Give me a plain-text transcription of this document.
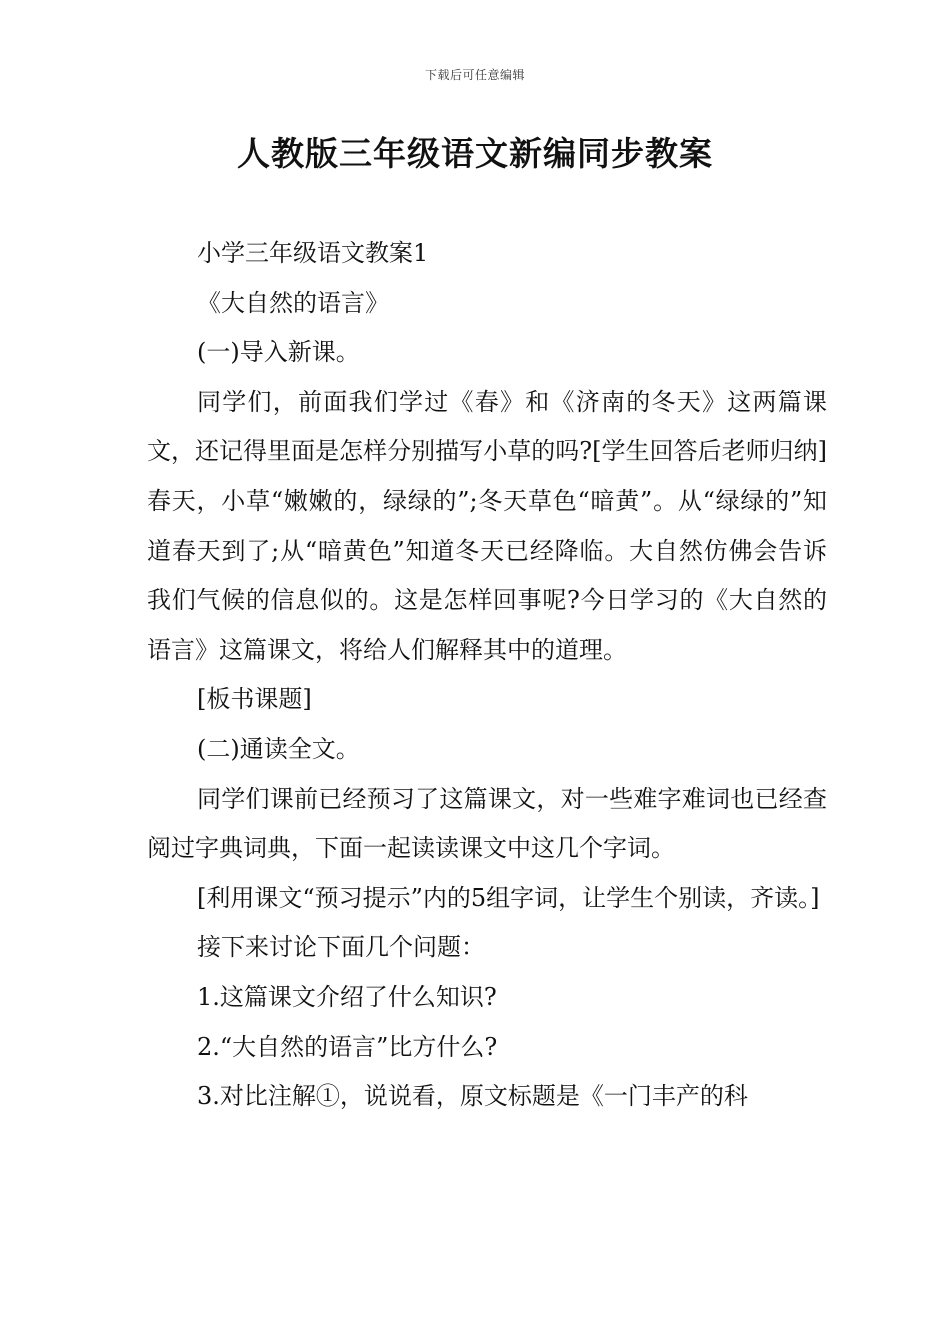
下载后可任意编辑
人教版三年级语文新编同步教案

小学三年级语文教案1

《大自然的语言》

(一)导入新课。

同学们，前面我们学过《春》和《济南的冬天》这两篇课文，还记得里面是怎样分别描写小草的吗?[学生回答后老师归纳]春天，小草“嫩嫩的，绿绿的”;冬天草色“暗黄”。从“绿绿的”知道春天到了;从“暗黄色”知道冬天已经降临。大自然仿佛会告诉我们气候的信息似的。这是怎样回事呢?今日学习的《大自然的语言》这篇课文，将给人们解释其中的道理。

[板书课题]

(二)通读全文。

同学们课前已经预习了这篇课文，对一些难字难词也已经查阅过字典词典，下面一起读读课文中这几个字词。

[利用课文“预习提示”内的5组字词，让学生个别读，齐读。]

接下来讨论下面几个问题：

1.这篇课文介绍了什么知识?

2.“大自然的语言”比方什么?

3.对比注解①，说说看，原文标题是《一门丰产的科
